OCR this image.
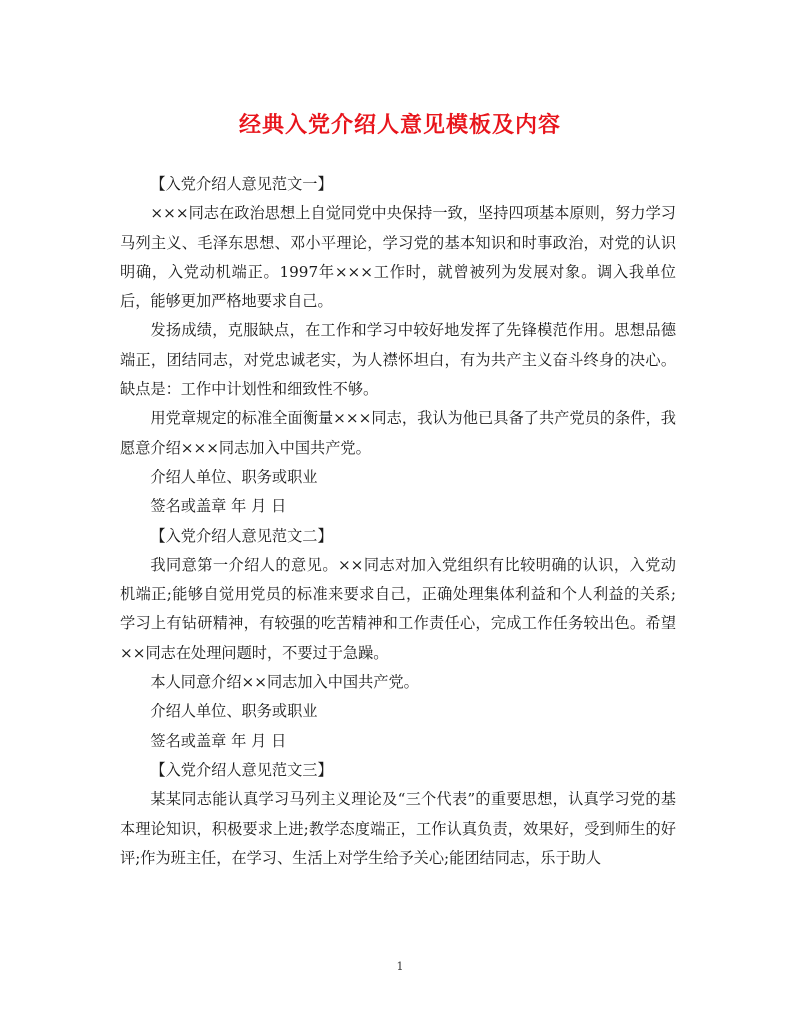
经典入党介绍人意见模板及内容

【入党介绍人意见范文一】

×××同志在政治思想上自觉同党中央保持一致，坚持四项基本原则，努力学习马列主义、毛泽东思想、邓小平理论，学习党的基本知识和时事政治，对党的认识明确，入党动机端正。1997年×××工作时，就曾被列为发展对象。调入我单位后，能够更加严格地要求自己。

发扬成绩，克服缺点，在工作和学习中较好地发挥了先锋模范作用。思想品德端正，团结同志，对党忠诚老实，为人襟怀坦白，有为共产主义奋斗终身的决心。缺点是：工作中计划性和细致性不够。

用党章规定的标准全面衡量×××同志，我认为他已具备了共产党员的条件，我愿意介绍×××同志加入中国共产党。

介绍人单位、职务或职业

签名或盖章 年 月 日

【入党介绍人意见范文二】

我同意第一介绍人的意见。××同志对加入党组织有比较明确的认识，入党动机端正;能够自觉用党员的标准来要求自己，正确处理集体利益和个人利益的关系;学习上有钻研精神，有较强的吃苦精神和工作责任心，完成工作任务较出色。希望××同志在处理问题时，不要过于急躁。

本人同意介绍××同志加入中国共产党。

介绍人单位、职务或职业

签名或盖章 年 月 日

【入党介绍人意见范文三】

某某同志能认真学习马列主义理论及“三个代表”的重要思想，认真学习党的基本理论知识，积极要求上进;教学态度端正，工作认真负责，效果好，受到师生的好评;作为班主任，在学习、生活上对学生给予关心;能团结同志，乐于助人

1
